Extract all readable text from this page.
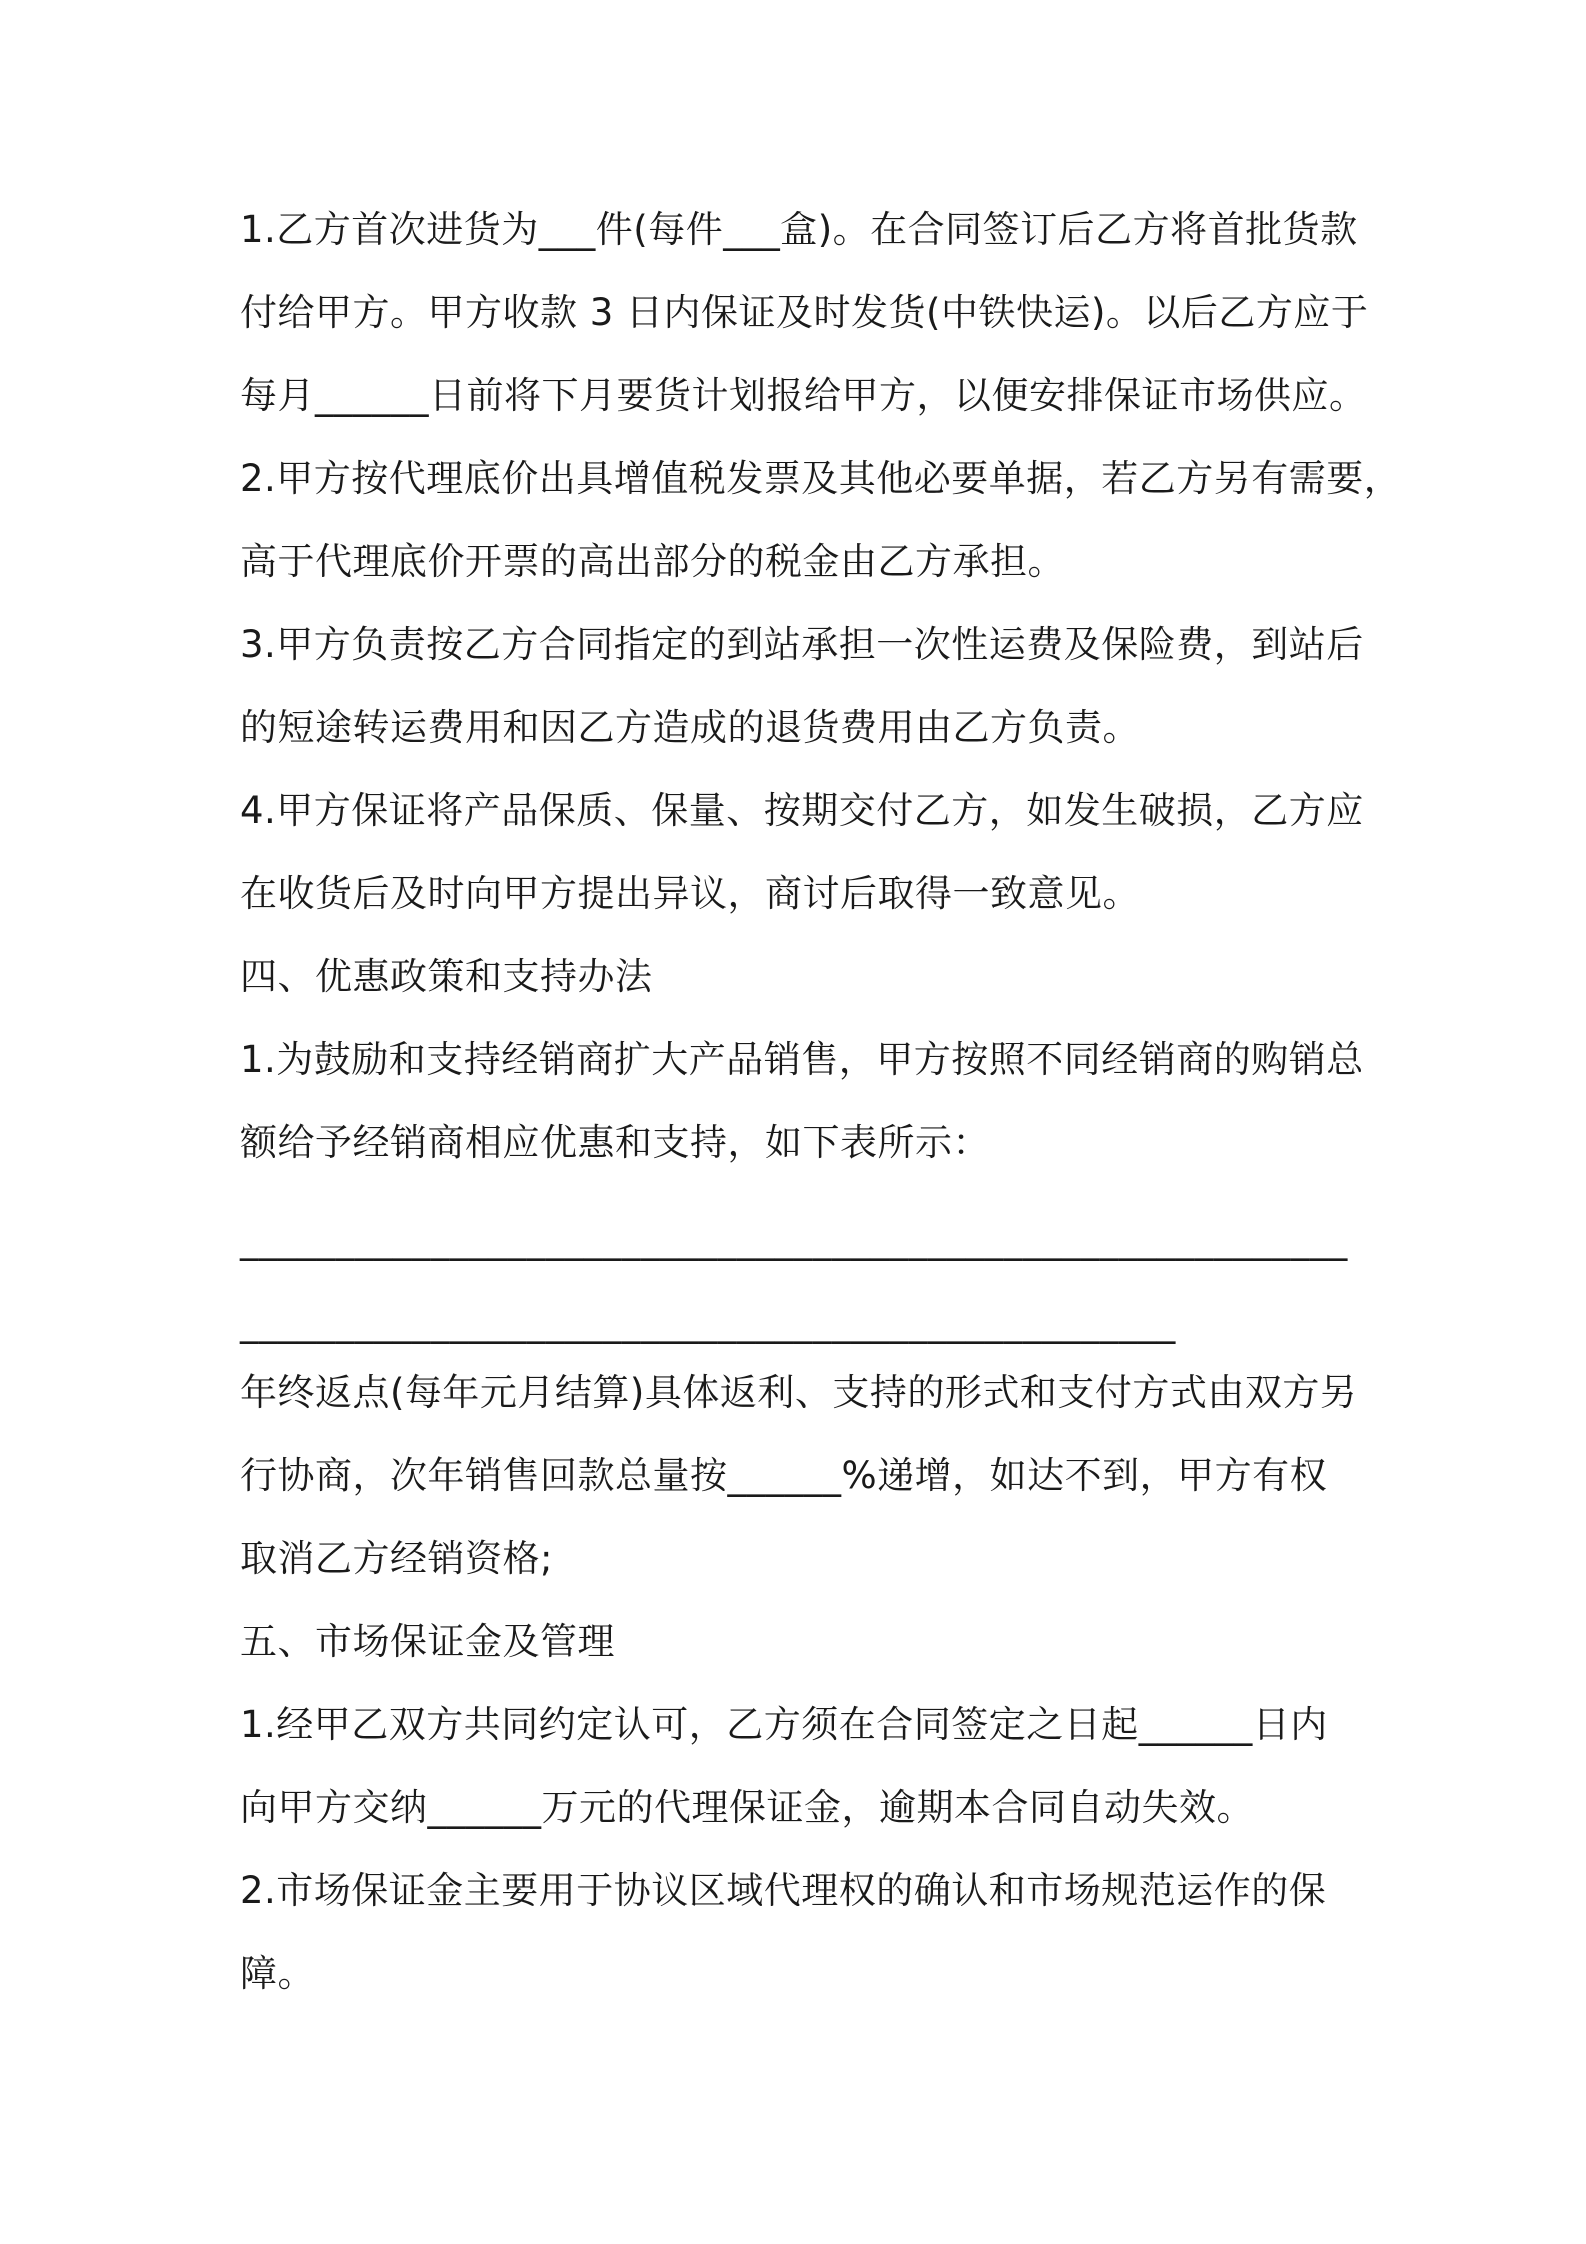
1.乙方首次进货为___件(每件___盒)。在合同签订后乙方将首批货款
付给甲方。甲方收款 3 日内保证及时发货(中铁快运)。以后乙方应于
每月______日前将下月要货计划报给甲方，以便安排保证市场供应。
2.甲方按代理底价出具增值税发票及其他必要单据，若乙方另有需要，
高于代理底价开票的高出部分的税金由乙方承担。
3.甲方负责按乙方合同指定的到站承担一次性运费及保险费，到站后
的短途转运费用和因乙方造成的退货费用由乙方负责。
4.甲方保证将产品保质、保量、按期交付乙方，如发生破损，乙方应
在收货后及时向甲方提出异议，商讨后取得一致意见。
四、优惠政策和支持办法
1.为鼓励和支持经销商扩大产品销售，甲方按照不同经销商的购销总
额给予经销商相应优惠和支持，如下表所示：
__________________________________________________________
_________________________________________________
年终返点(每年元月结算)具体返利、支持的形式和支付方式由双方另
行协商，次年销售回款总量按______%递增，如达不到，甲方有权
取消乙方经销资格;
五、市场保证金及管理
1.经甲乙双方共同约定认可，乙方须在合同签定之日起______日内
向甲方交纳______万元的代理保证金，逾期本合同自动失效。
2.市场保证金主要用于协议区域代理权的确认和市场规范运作的保
障。
